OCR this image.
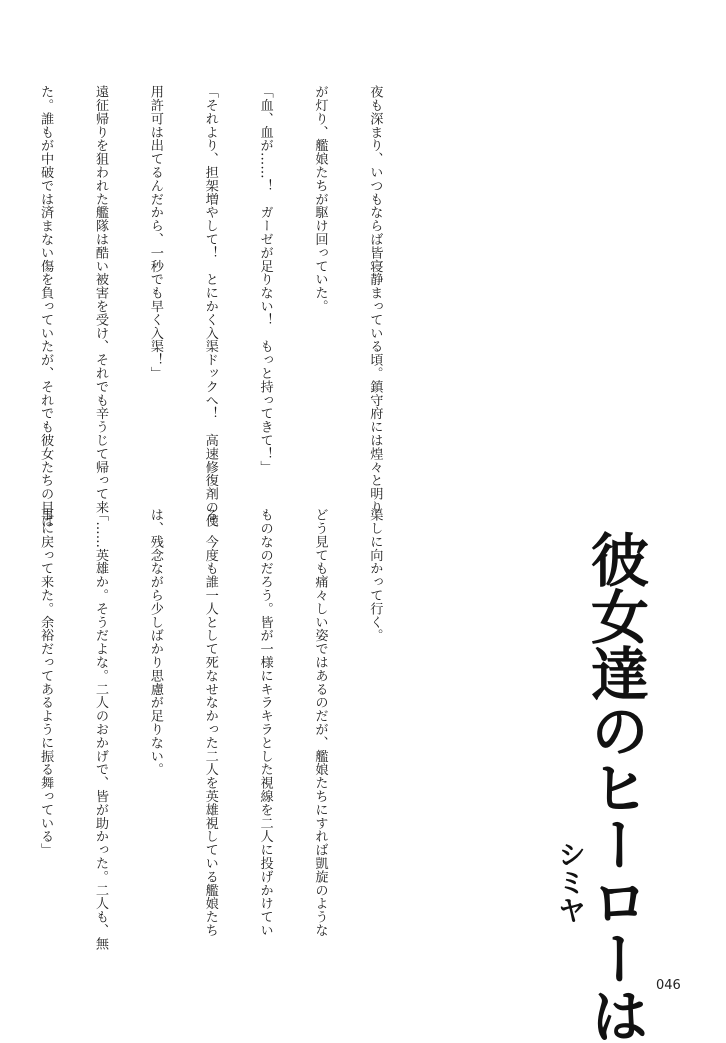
彼女達のヒーローは
シミヤ

夜も深まり、いつもならば皆寝静まっている頃。鎮守府には煌々と明り

が灯り、艦娘たちが駆け回っていた。

「血、血が……！　ガーゼが足りない！　もっと持ってきて！」

「それより、担架増やして！　とにかく入渠ドックへ！　高速修復剤の使

用許可は出てるんだから、一秒でも早く入渠！」

遠征帰りを狙われた艦隊は酷い被害を受け、それでも辛うじて帰って来

た。誰もが中破では済まない傷を負っていたが、それでも彼女たちの目は

渠しに向かって行く。

どう見ても痛々しい姿ではあるのだが、艦娘たちにすれば凱旋のような

ものなのだろう。皆が一様にキラキラとした視線を二人に投げかけてい

る。今度も誰一人として死なせなかった二人を英雄視している艦娘たち

は、残念ながら少しばかり思慮が足りない。

「……英雄か。そうだよな。二人のおかげで、皆が助かった。二人も、無

事に戻って来た。余裕だってあるように振る舞っている」

046
